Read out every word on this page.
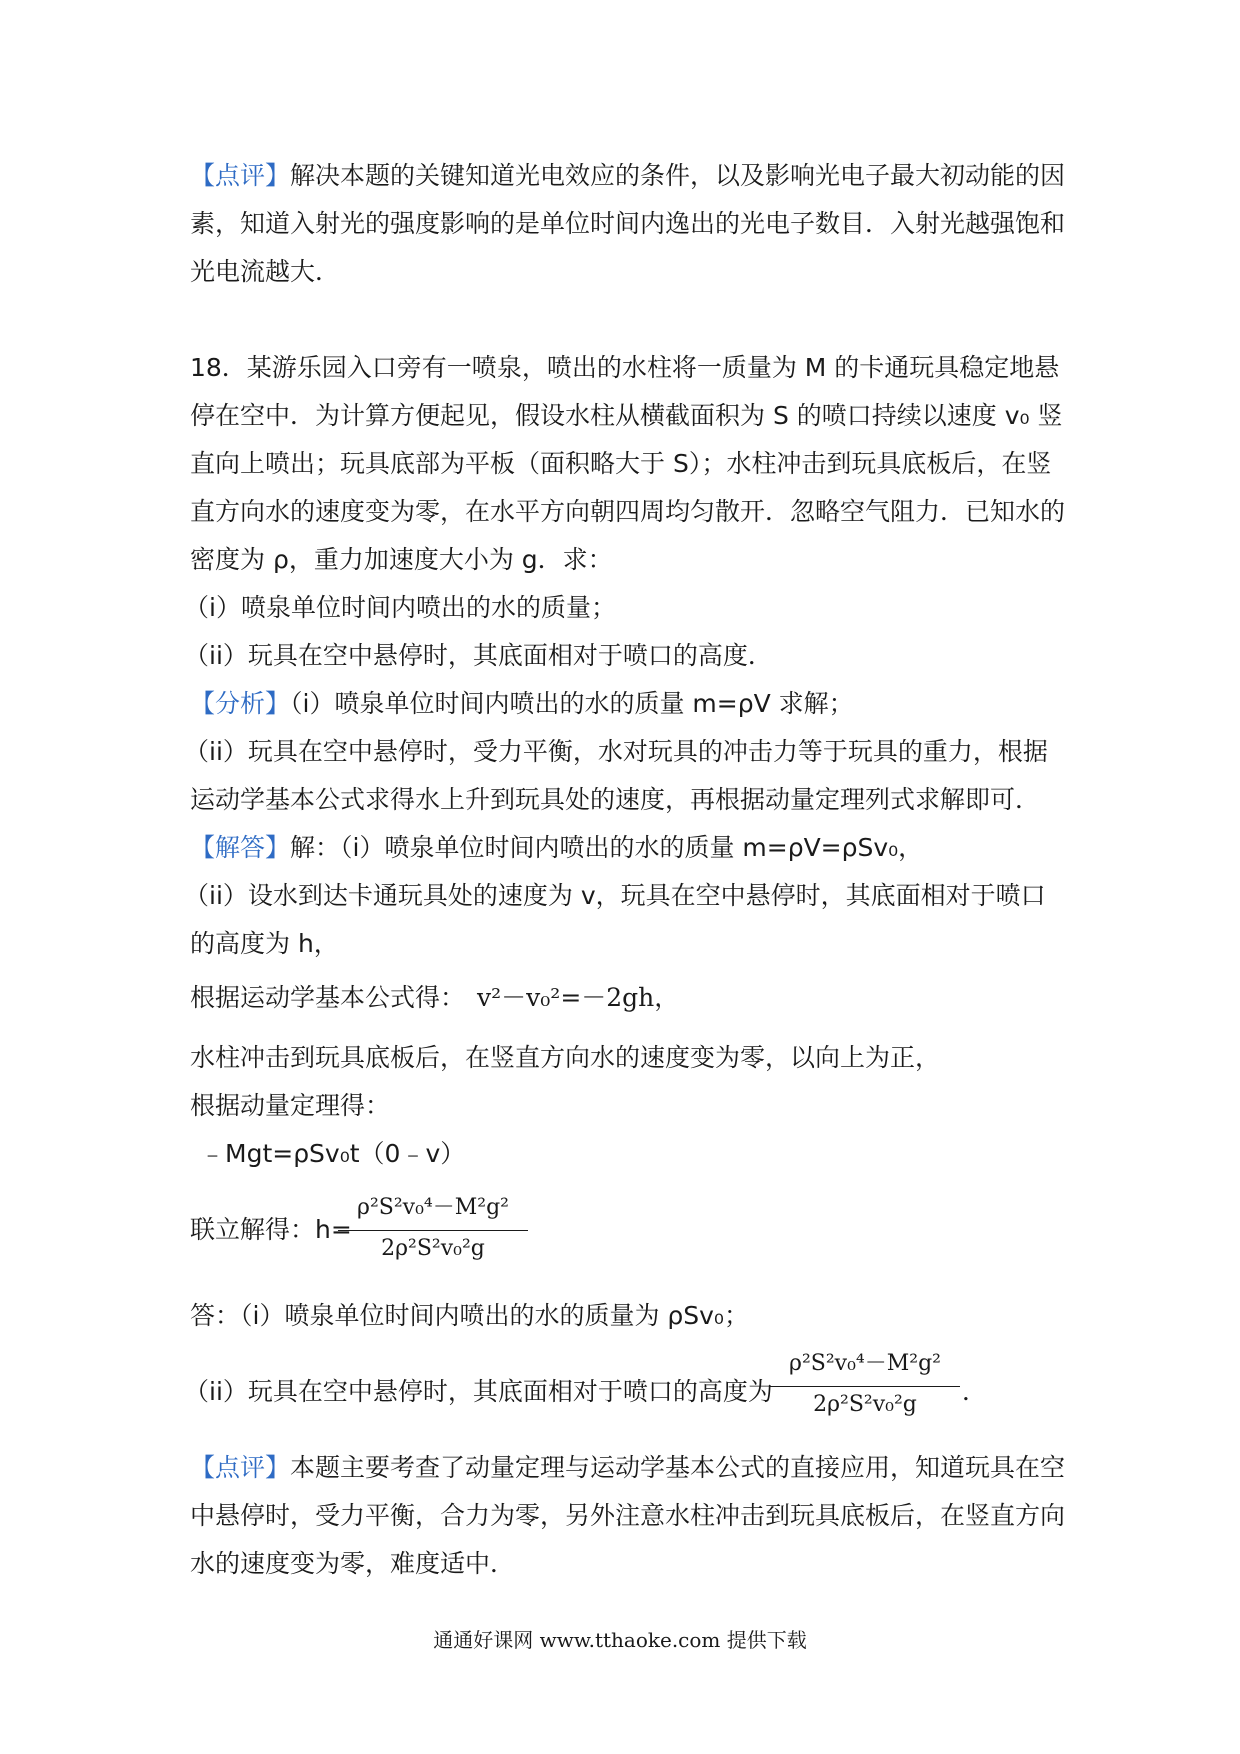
【点评】解决本题的关键知道光电效应的条件，以及影响光电子最大初动能的因
素，知道入射光的强度影响的是单位时间内逸出的光电子数目．入射光越强饱和
光电流越大．
18．某游乐园入口旁有一喷泉，喷出的水柱将一质量为 M 的卡通玩具稳定地悬
停在空中．为计算方便起见，假设水柱从横截面积为 S 的喷口持续以速度 v₀ 竖
直向上喷出；玩具底部为平板（面积略大于 S）；水柱冲击到玩具底板后，在竖
直方向水的速度变为零，在水平方向朝四周均匀散开．忽略空气阻力．已知水的
密度为 ρ，重力加速度大小为 g．求：
（i）喷泉单位时间内喷出的水的质量；
（ii）玩具在空中悬停时，其底面相对于喷口的高度．
【分析】（i）喷泉单位时间内喷出的水的质量 m=ρV 求解；
（ii）玩具在空中悬停时，受力平衡，水对玩具的冲击力等于玩具的重力，根据
运动学基本公式求得水上升到玩具处的速度，再根据动量定理列式求解即可．
【解答】解：（i）喷泉单位时间内喷出的水的质量 m=ρV=ρSv₀，
（ii）设水到达卡通玩具处的速度为 v，玩具在空中悬停时，其底面相对于喷口
的高度为 h，
根据运动学基本公式得： v²－v₀²=－2gh，
水柱冲击到玩具底板后，在竖直方向水的速度变为零，以向上为正，
根据动量定理得：
﹣Mgt=ρSv₀t（0﹣v）
联立解得：h=
ρ²S²v₀⁴－M²g²
2ρ²S²v₀²g
答：（i）喷泉单位时间内喷出的水的质量为 ρSv₀；
（ii）玩具在空中悬停时，其底面相对于喷口的高度为
ρ²S²v₀⁴－M²g²
2ρ²S²v₀²g	．
【点评】本题主要考查了动量定理与运动学基本公式的直接应用，知道玩具在空
中悬停时，受力平衡，合力为零，另外注意水柱冲击到玩具底板后，在竖直方向
水的速度变为零，难度适中．
通通好课网 www.tthaoke.com 提供下载
